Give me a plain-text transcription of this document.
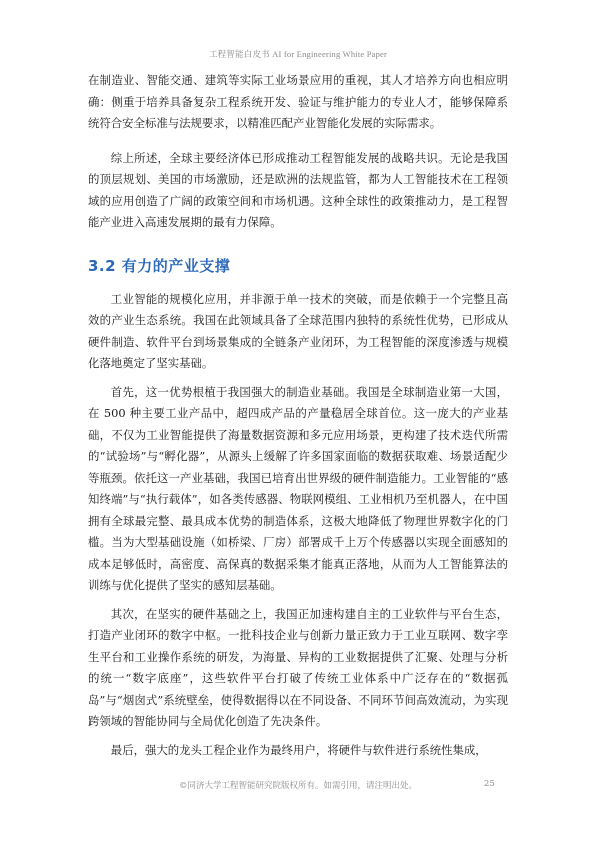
工程智能白皮书 AI for Engineering White Paper

在制造业、智能交通、建筑等实际工业场景应用的重视，其人才培养方向也相应明确：侧重于培养具备复杂工程系统开发、验证与维护能力的专业人才，能够保障系统符合安全标准与法规要求，以精准匹配产业智能化发展的实际需求。

综上所述，全球主要经济体已形成推动工程智能发展的战略共识。无论是我国的顶层规划、美国的市场激励，还是欧洲的法规监管，都为人工智能技术在工程领域的应用创造了广阔的政策空间和市场机遇。这种全球性的政策推动力，是工程智能产业进入高速发展期的最有力保障。

3.2 有力的产业支撑

工业智能的规模化应用，并非源于单一技术的突破，而是依赖于一个完整且高效的产业生态系统。我国在此领域具备了全球范围内独特的系统性优势，已形成从硬件制造、软件平台到场景集成的全链条产业闭环，为工程智能的深度渗透与规模化落地奠定了坚实基础。

首先，这一优势根植于我国强大的制造业基础。我国是全球制造业第一大国，在 500 种主要工业产品中，超四成产品的产量稳居全球首位。这一庞大的产业基础，不仅为工业智能提供了海量数据资源和多元应用场景，更构建了技术迭代所需的“试验场”与“孵化器”，从源头上缓解了许多国家面临的数据获取难、场景适配少等瓶颈。依托这一产业基础，我国已培育出世界级的硬件制造能力。工业智能的“感知终端”与“执行载体”，如各类传感器、物联网模组、工业相机乃至机器人，在中国拥有全球最完整、最具成本优势的制造体系，这极大地降低了物理世界数字化的门槛。当为大型基础设施（如桥梁、厂房）部署成千上万个传感器以实现全面感知的成本足够低时，高密度、高保真的数据采集才能真正落地，从而为人工智能算法的训练与优化提供了坚实的感知层基础。

其次，在坚实的硬件基础之上，我国正加速构建自主的工业软件与平台生态，打造产业闭环的数字中枢。一批科技企业与创新力量正致力于工业互联网、数字孪生平台和工业操作系统的研发，为海量、异构的工业数据提供了汇聚、处理与分析的统一“数字底座”，这些软件平台打破了传统工业体系中广泛存在的“数据孤岛”与“烟囱式”系统壁垒，使得数据得以在不同设备、不同环节间高效流动，为实现跨领域的智能协同与全局优化创造了先决条件。

最后，强大的龙头工程企业作为最终用户，将硬件与软件进行系统性集成，

©同济大学工程智能研究院版权所有。如需引用，请注明出处。	25
